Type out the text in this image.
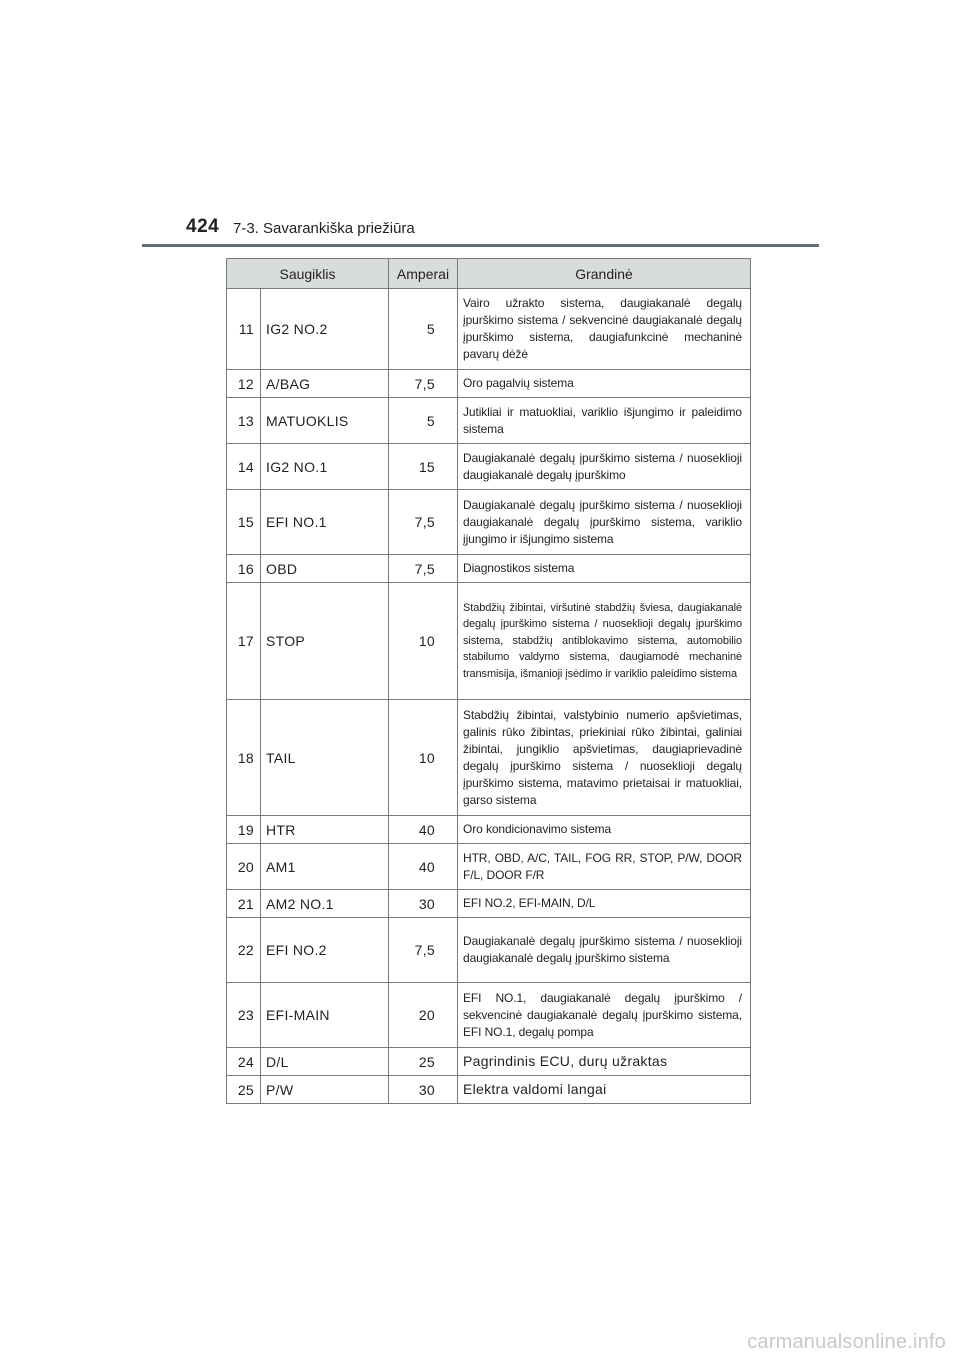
424 7-3. Savarankiška priežiūra
Saugiklis		Amperai	Grandinė
11	IG2 NO.2	5	Vairo užrakto sistema, daugiakanalė degalų įpurškimo sistema / sekvencinė daugiakanalė degalų įpurškimo sistema, daugiafunkcinė mechaninė pavarų dėžė
12	A/BAG	7,5	Oro pagalvių sistema
13	MATUOKLIS	5	Jutikliai ir matuokliai, variklio išjungimo ir paleidimo sistema
14	IG2 NO.1	15	Daugiakanalė degalų įpurškimo sistema / nuoseklioji daugiakanalė degalų įpurškimo
15	EFI NO.1	7,5	Daugiakanalė degalų įpurškimo sistema / nuoseklioji daugiakanalė degalų įpurškimo sistema, variklio įjungimo ir išjungimo sistema
16	OBD	7,5	Diagnostikos sistema
17	STOP	10	Stabdžių žibintai, viršutinė stabdžių šviesa, daugiakanalė degalų įpurškimo sistema / nuoseklioji degalų įpurškimo sistema, stabdžių antiblokavimo sistema, automobilio stabilumo valdymo sistema, daugiamodė mechaninė transmisija, išmanioji įsėdimo ir variklio paleidimo sistema
18	TAIL	10	Stabdžių žibintai, valstybinio numerio apšvietimas, galinis rūko žibintas, priekiniai rūko žibintai, galiniai žibintai, jungiklio apšvietimas, daugiaprievadinė degalų įpurškimo sistema / nuoseklioji degalų įpurškimo sistema, matavimo prietaisai ir matuokliai, garso sistema
19	HTR	40	Oro kondicionavimo sistema
20	AM1	40	HTR, OBD, A/C, TAIL, FOG RR, STOP, P/W, DOOR F/L, DOOR F/R
21	AM2 NO.1	30	EFI NO.2, EFI-MAIN, D/L
22	EFI NO.2	7,5	Daugiakanalė degalų įpurškimo sistema / nuoseklioji daugiakanalė degalų įpurškimo sistema
23	EFI-MAIN	20	EFI NO.1, daugiakanalė degalų įpurškimo / sekvencinė daugiakanalė degalų įpurškimo sistema, EFI NO.1, degalų pompa
24	D/L	25	Pagrindinis ECU, durų užraktas
25	P/W	30	Elektra valdomi langai
carmanualsonline.info
